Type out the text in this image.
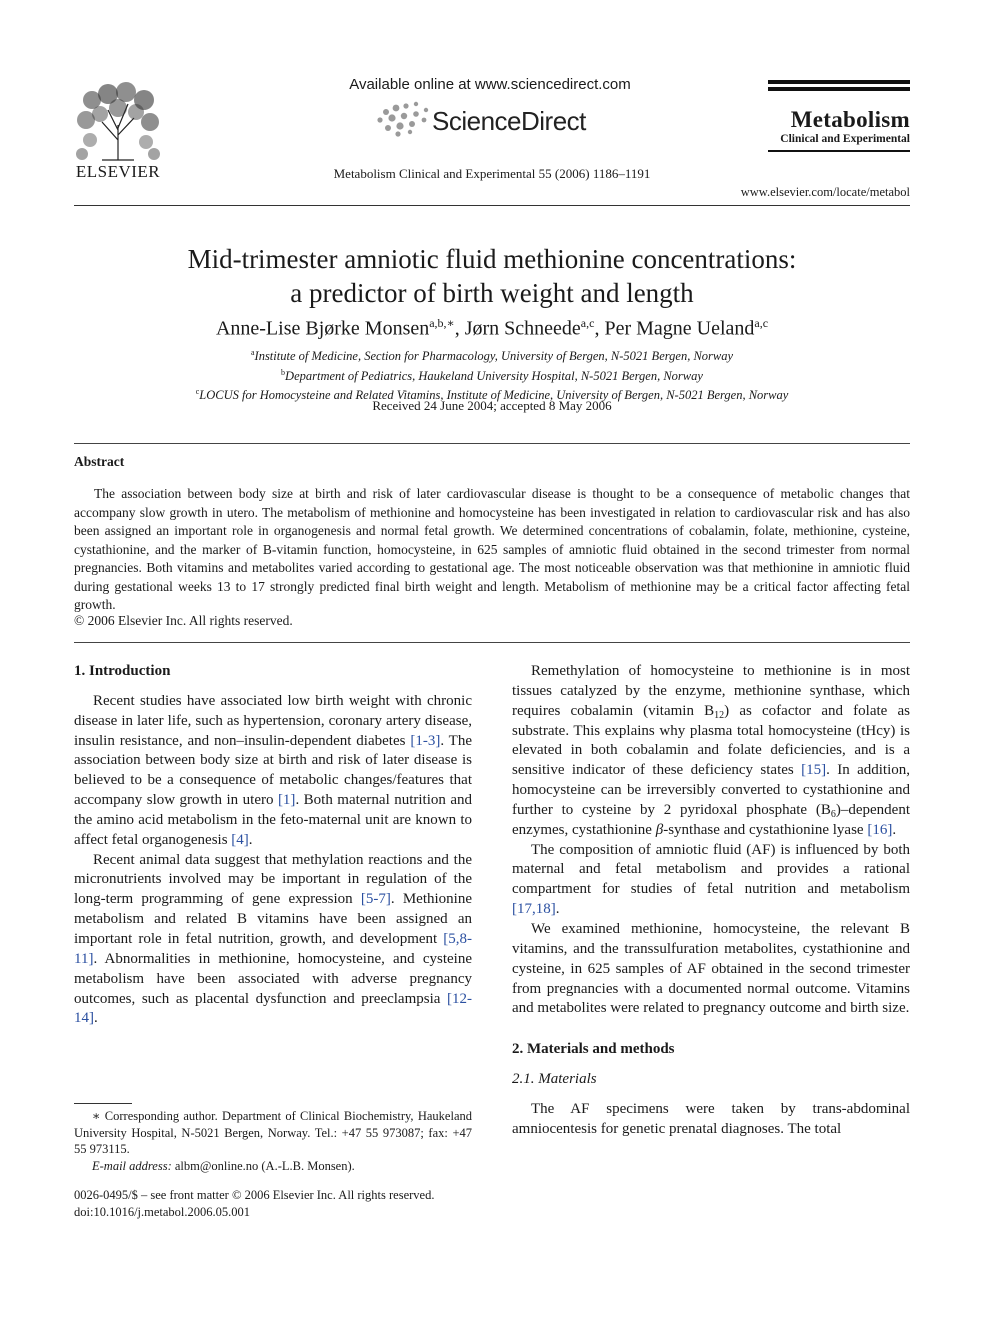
ELSEVIER
Available online at www.sciencedirect.com
ScienceDirect
Metabolism Clinical and Experimental 55 (2006) 1186–1191
Metabolism
Clinical and Experimental
www.elsevier.com/locate/metabol
Mid-trimester amniotic fluid methionine concentrations:
a predictor of birth weight and length
Anne-Lise Bjørke Monsen$^{a,b,∗}$, Jørn Schneede$^{a,c}$, Per Magne Ueland$^{a,c}$
$^a$Institute of Medicine, Section for Pharmacology, University of Bergen, N-5021 Bergen, Norway
$^b$Department of Pediatrics, Haukeland University Hospital, N-5021 Bergen, Norway
$^c$LOCUS for Homocysteine and Related Vitamins, Institute of Medicine, University of Bergen, N-5021 Bergen, Norway
Received 24 June 2004; accepted 8 May 2006
Abstract
The association between body size at birth and risk of later cardiovascular disease is thought to be a consequence of metabolic changes that accompany slow growth in utero. The metabolism of methionine and homocysteine has been investigated in relation to cardiovascular risk and has also been assigned an important role in organogenesis and normal fetal growth. We determined concentrations of cobalamin, folate, methionine, cysteine, cystathionine, and the marker of B-vitamin function, homocysteine, in 625 samples of amniotic fluid obtained in the second trimester from normal pregnancies. Both vitamins and metabolites varied according to gestational age. The most noticeable observation was that methionine in amniotic fluid during gestational weeks 13 to 17 strongly predicted final birth weight and length. Metabolism of methionine may be a critical factor affecting fetal growth.
© 2006 Elsevier Inc. All rights reserved.
1. Introduction

Recent studies have associated low birth weight with chronic disease in later life, such as hypertension, coronary artery disease, insulin resistance, and non–insulin-dependent diabetes [1-3]. The association between body size at birth and risk of later disease is believed to be a consequence of metabolic changes/features that accompany slow growth in utero [1]. Both maternal nutrition and the amino acid metabolism in the feto-maternal unit are known to affect fetal organogenesis [4].

Recent animal data suggest that methylation reactions and the micronutrients involved may be important in regulation of the long-term programming of gene expression [5-7]. Methionine metabolism and related B vitamins have been assigned an important role in fetal nutrition, growth, and development [5,8-11]. Abnormalities in methionine, homocysteine, and cysteine metabolism have been associated with adverse pregnancy outcomes, such as placental dysfunction and preeclampsia [12-14].

∗ Corresponding author. Department of Clinical Biochemistry, Haukeland University Hospital, N-5021 Bergen, Norway. Tel.: +47 55 973087; fax: +47 55 973115.

E-mail address: albm@online.no (A.-L.B. Monsen).

0026-0495/$ – see front matter © 2006 Elsevier Inc. All rights reserved.
doi:10.1016/j.metabol.2006.05.001

Remethylation of homocysteine to methionine is in most tissues catalyzed by the enzyme, methionine synthase, which requires cobalamin (vitamin $B_{12}$) as cofactor and folate as substrate. This explains why plasma total homocysteine (tHcy) is elevated in both cobalamin and folate deficiencies, and is a sensitive indicator of these deficiency states [15]. In addition, homocysteine can be irreversibly converted to cystathionine and further to cysteine by 2 pyridoxal phosphate $(B_6)$–dependent enzymes, cystathionine β-synthase and cystathionine lyase [16].

The composition of amniotic fluid (AF) is influenced by both maternal and fetal metabolism and provides a rational compartment for studies of fetal nutrition and metabolism [17,18].

We examined methionine, homocysteine, the relevant B vitamins, and the transsulfuration metabolites, cystathionine and cysteine, in 625 samples of AF obtained in the second trimester from pregnancies with a documented normal outcome. Vitamins and metabolites were related to pregnancy outcome and birth size.

2. Materials and methods
2.1. Materials

The AF specimens were taken by trans-abdominal amniocentesis for genetic prenatal diagnoses. The total
